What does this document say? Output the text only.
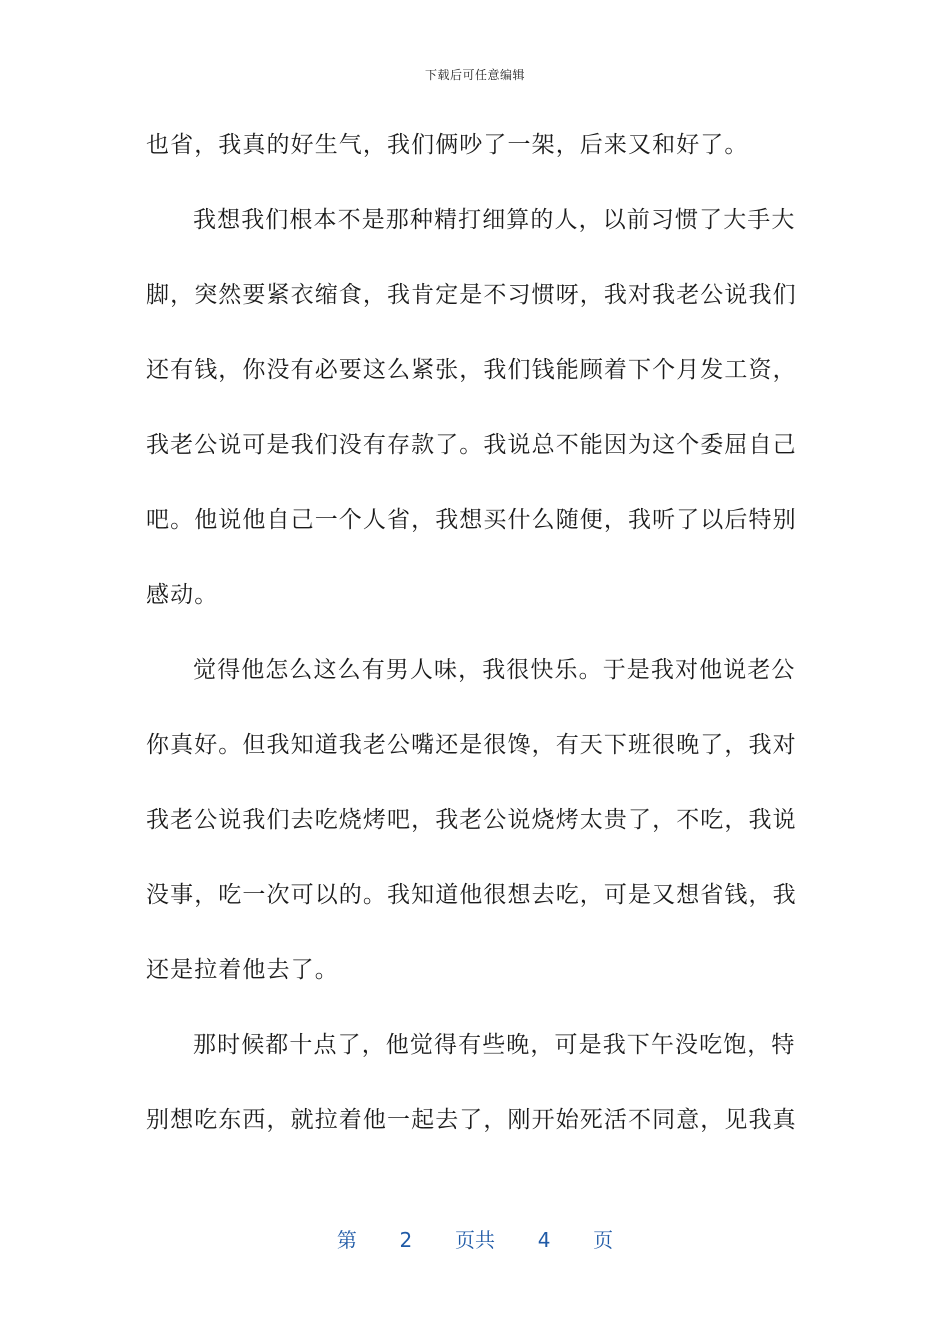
下载后可任意编辑
也省，我真的好生气，我们俩吵了一架，后来又和好了。
我想我们根本不是那种精打细算的人，以前习惯了大手大
脚，突然要紧衣缩食，我肯定是不习惯呀，我对我老公说我们
还有钱，你没有必要这么紧张，我们钱能顾着下个月发工资，
我老公说可是我们没有存款了。我说总不能因为这个委屈自己
吧。他说他自己一个人省，我想买什么随便，我听了以后特别
感动。
觉得他怎么这么有男人味，我很快乐。于是我对他说老公
你真好。但我知道我老公嘴还是很馋，有天下班很晚了，我对
我老公说我们去吃烧烤吧，我老公说烧烤太贵了，不吃，我说
没事，吃一次可以的。我知道他很想去吃，可是又想省钱，我
还是拉着他去了。
那时候都十点了，他觉得有些晚，可是我下午没吃饱，特
别想吃东西，就拉着他一起去了，刚开始死活不同意，见我真
第 2 页共 4 页
